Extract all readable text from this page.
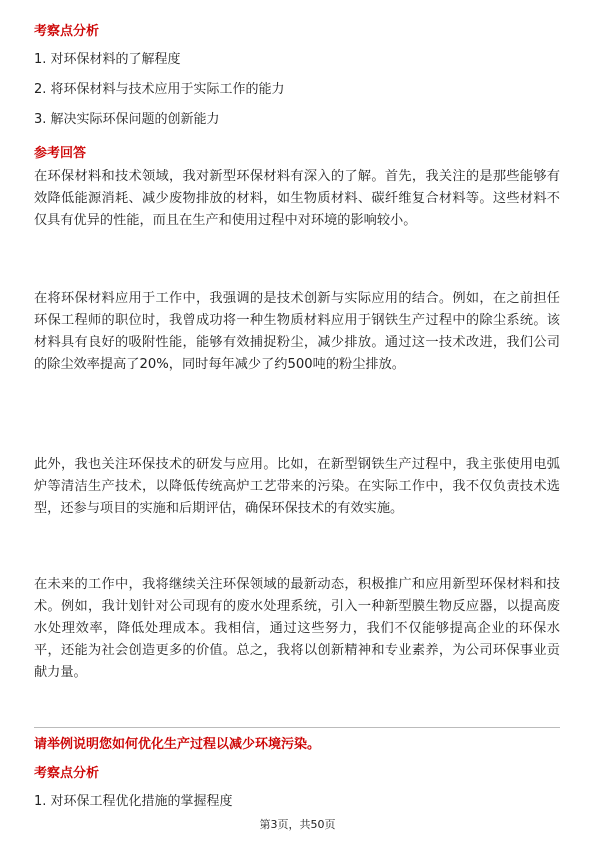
考察点分析
1. 对环保材料的了解程度
2. 将环保材料与技术应用于实际工作的能力
3. 解决实际环保问题的创新能力
参考回答

在环保材料和技术领域，我对新型环保材料有深入的了解。首先，我关注的是那些能够有效降低能源消耗、减少废物排放的材料，如生物质材料、碳纤维复合材料等。这些材料不仅具有优异的性能，而且在生产和使用过程中对环境的影响较小。

在将环保材料应用于工作中，我强调的是技术创新与实际应用的结合。例如，在之前担任环保工程师的职位时，我曾成功将一种生物质材料应用于钢铁生产过程中的除尘系统。该材料具有良好的吸附性能，能够有效捕捉粉尘，减少排放。通过这一技术改进，我们公司的除尘效率提高了20%，同时每年减少了约500吨的粉尘排放。

此外，我也关注环保技术的研发与应用。比如，在新型钢铁生产过程中，我主张使用电弧炉等清洁生产技术，以降低传统高炉工艺带来的污染。在实际工作中，我不仅负责技术选型，还参与项目的实施和后期评估，确保环保技术的有效实施。

在未来的工作中，我将继续关注环保领域的最新动态，积极推广和应用新型环保材料和技术。例如，我计划针对公司现有的废水处理系统，引入一种新型膜生物反应器，以提高废水处理效率，降低处理成本。我相信，通过这些努力，我们不仅能够提高企业的环保水平，还能为社会创造更多的价值。总之，我将以创新精神和专业素养，为公司环保事业贡献力量。

请举例说明您如何优化生产过程以减少环境污染。
考察点分析
1. 对环保工程优化措施的掌握程度
第3页，共50页
